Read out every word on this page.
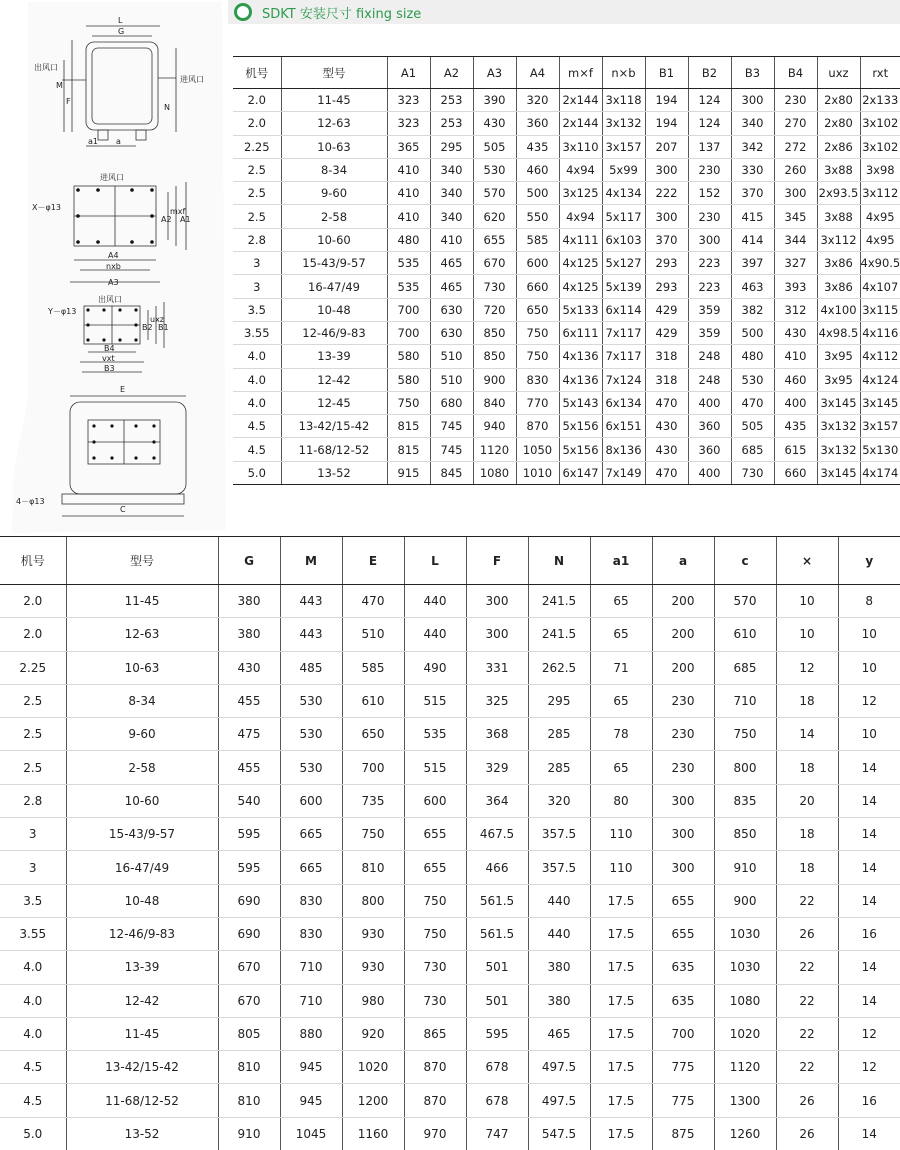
SDKT 安装尺寸 fixing size
L
G
M
F
N
a1 a
出风口
进风口
进风口
X－φ13
A4
nxb
A3
A2
mxf
A1
出风口
Y－φ13
B4
vxt
B3
B2
uxz
B1
E
C
4－φ13
机号	型号	A1	A2	A3	A4	m×f	n×b	B1	B2	B3	B4	uxz	rxt
2.0	11-45	323	253	390	320	2x144	3x118	194	124	300	230	2x80	2x133
2.0	12-63	323	253	430	360	2x144	3x132	194	124	340	270	2x80	3x102
2.25	10-63	365	295	505	435	3x110	3x157	207	137	342	272	2x86	3x102
2.5	8-34	410	340	530	460	4x94	5x99	300	230	330	260	3x88	3x98
2.5	9-60	410	340	570	500	3x125	4x134	222	152	370	300	2x93.5	3x112
2.5	2-58	410	340	620	550	4x94	5x117	300	230	415	345	3x88	4x95
2.8	10-60	480	410	655	585	4x111	6x103	370	300	414	344	3x112	4x95
3	15-43/9-57	535	465	670	600	4x125	5x127	293	223	397	327	3x86	4x90.5
3	16-47/49	535	465	730	660	4x125	5x139	293	223	463	393	3x86	4x107
3.5	10-48	700	630	720	650	5x133	6x114	429	359	382	312	4x100	3x115
3.55	12-46/9-83	700	630	850	750	6x111	7x117	429	359	500	430	4x98.5	4x116
4.0	13-39	580	510	850	750	4x136	7x117	318	248	480	410	3x95	4x112
4.0	12-42	580	510	900	830	4x136	7x124	318	248	530	460	3x95	4x124
4.0	12-45	750	680	840	770	5x143	6x134	470	400	470	400	3x145	3x145
4.5	13-42/15-42	815	745	940	870	5x156	6x151	430	360	505	435	3x132	3x157
4.5	11-68/12-52	815	745	1120	1050	5x156	8x136	430	360	685	615	3x132	5x130
5.0	13-52	915	845	1080	1010	6x147	7x149	470	400	730	660	3x145	4x174
机号	型号	G	M	E	L	F	N	a1	a	c	×	y
2.0	11-45	380	443	470	440	300	241.5	65	200	570	10	8
2.0	12-63	380	443	510	440	300	241.5	65	200	610	10	10
2.25	10-63	430	485	585	490	331	262.5	71	200	685	12	10
2.5	8-34	455	530	610	515	325	295	65	230	710	18	12
2.5	9-60	475	530	650	535	368	285	78	230	750	14	10
2.5	2-58	455	530	700	515	329	285	65	230	800	18	14
2.8	10-60	540	600	735	600	364	320	80	300	835	20	14
3	15-43/9-57	595	665	750	655	467.5	357.5	110	300	850	18	14
3	16-47/49	595	665	810	655	466	357.5	110	300	910	18	14
3.5	10-48	690	830	800	750	561.5	440	17.5	655	900	22	14
3.55	12-46/9-83	690	830	930	750	561.5	440	17.5	655	1030	26	16
4.0	13-39	670	710	930	730	501	380	17.5	635	1030	22	14
4.0	12-42	670	710	980	730	501	380	17.5	635	1080	22	14
4.0	11-45	805	880	920	865	595	465	17.5	700	1020	22	12
4.5	13-42/15-42	810	945	1020	870	678	497.5	17.5	775	1120	22	12
4.5	11-68/12-52	810	945	1200	870	678	497.5	17.5	775	1300	26	16
5.0	13-52	910	1045	1160	970	747	547.5	17.5	875	1260	26	14
